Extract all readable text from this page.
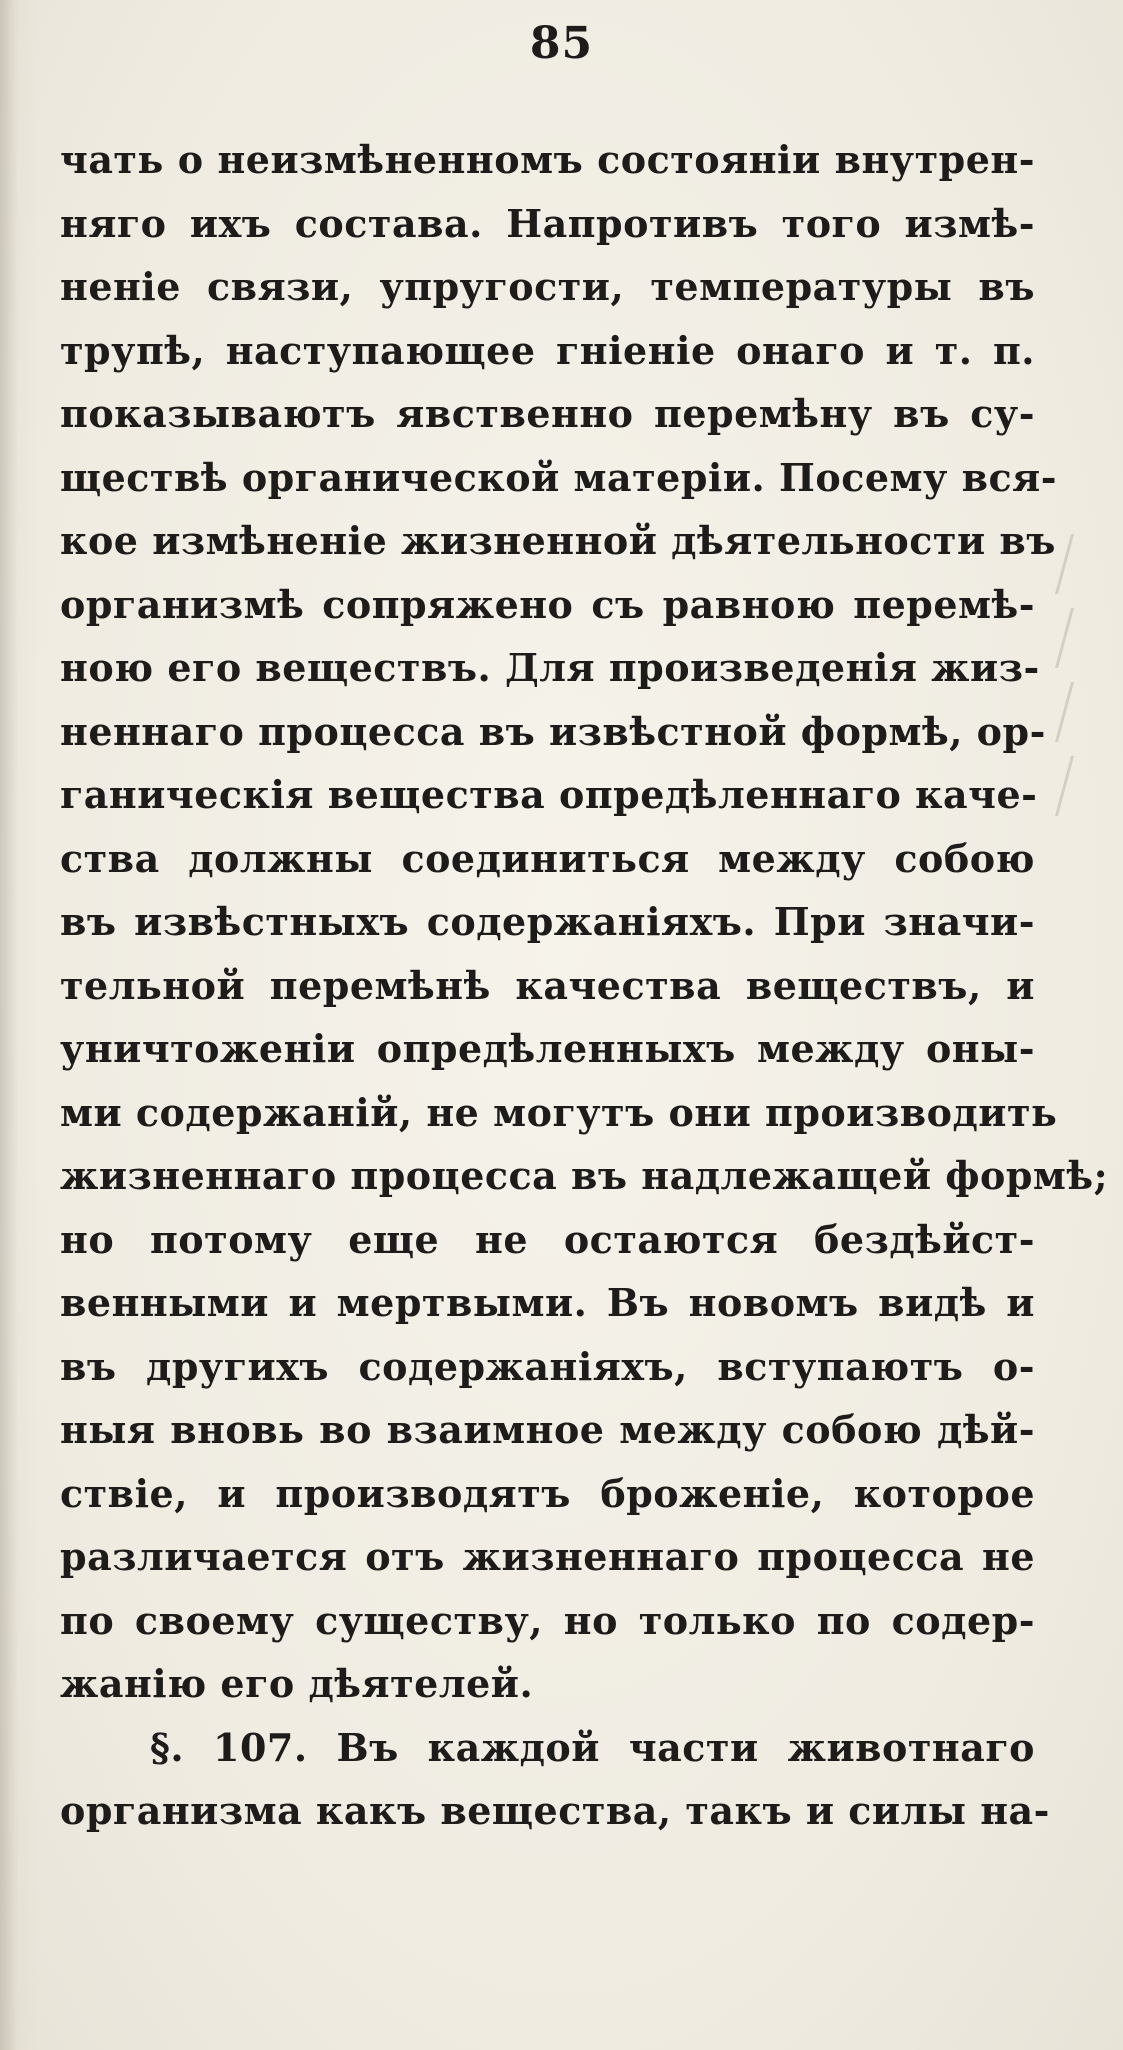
85
чать о неизмѣненномъ состоянiи внутрен-
няго ихъ состава. Напротивъ того измѣ-
ненiе связи, упругости, температуры въ
трупѣ, наступающее гніеніе онаго и т. п.
показываютъ явственно перемѣну въ су-
ществѣ органической матерiи. Посему вся-
кое измѣненiе жизненной дѣятельности въ
организмѣ сопряжено съ равною перемѣ-
ною его веществъ. Для произведенія жиз-
неннаго процесса въ извѣстной формѣ, ор-
ганическія вещества опредѣленнаго каче-
ства должны соединиться между собою
въ извѣстныхъ содержанiяхъ. При значи-
тельной перемѣнѣ качества веществъ, и
уничтоженiи опредѣленныхъ между оны-
ми содержанiй, не могутъ они производить
жизненнаго процесса въ надлежащей формѣ;
но потому еще не остаются бездѣйст-
венными и мертвыми. Въ новомъ видѣ и
въ другихъ содержанiяхъ, вступаютъ о-
ныя вновь во взаимное между собою дѣй-
ствiе, и производятъ броженiе, котороe
различается отъ жизненнаго процесса не
по своему существу, но только по содер-
жанiю его дѣятелей.
§. 107. Въ каждой части животнаго
организма какъ вещества, такъ и силы на-
